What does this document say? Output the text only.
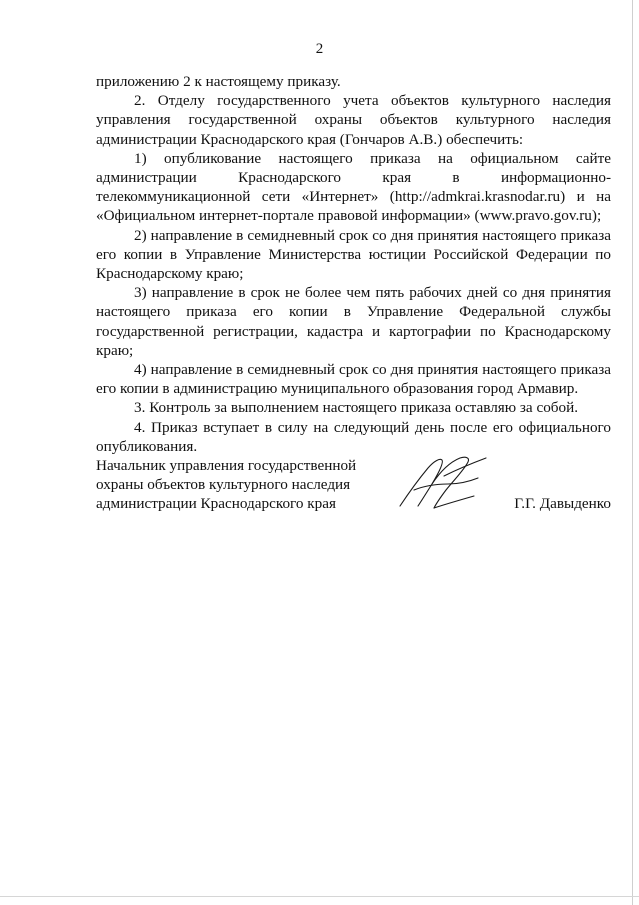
2

приложению 2 к настоящему приказу.

2. Отделу государственного учета объектов культурного наследия управления государственной охраны объектов культурного наследия администрации Краснодарского края (Гончаров А.В.) обеспечить:

1) опубликование настоящего приказа на официальном сайте администрации Краснодарского края в информационно-телекоммуникационной сети «Интернет» (http://admkrai.krasnodar.ru) и на «Официальном интернет-портале правовой информации» (www.pravo.gov.ru);

2) направление в семидневный срок со дня принятия настоящего приказа его копии в Управление Министерства юстиции Российской Федерации по Краснодарскому краю;

3) направление в срок не более чем пять рабочих дней со дня принятия настоящего приказа его копии в Управление Федеральной службы государственной регистрации, кадастра и картографии по Краснодарскому краю;

4) направление в семидневный срок со дня принятия настоящего приказа его копии в администрацию муниципального образования город Армавир.

3. Контроль за выполнением настоящего приказа оставляю за собой.

4. Приказ вступает в силу на следующий день после его официального опубликования.

Начальник управления государственной
охраны объектов культурного наследия
администрации Краснодарского края	Г.Г. Давыденко
